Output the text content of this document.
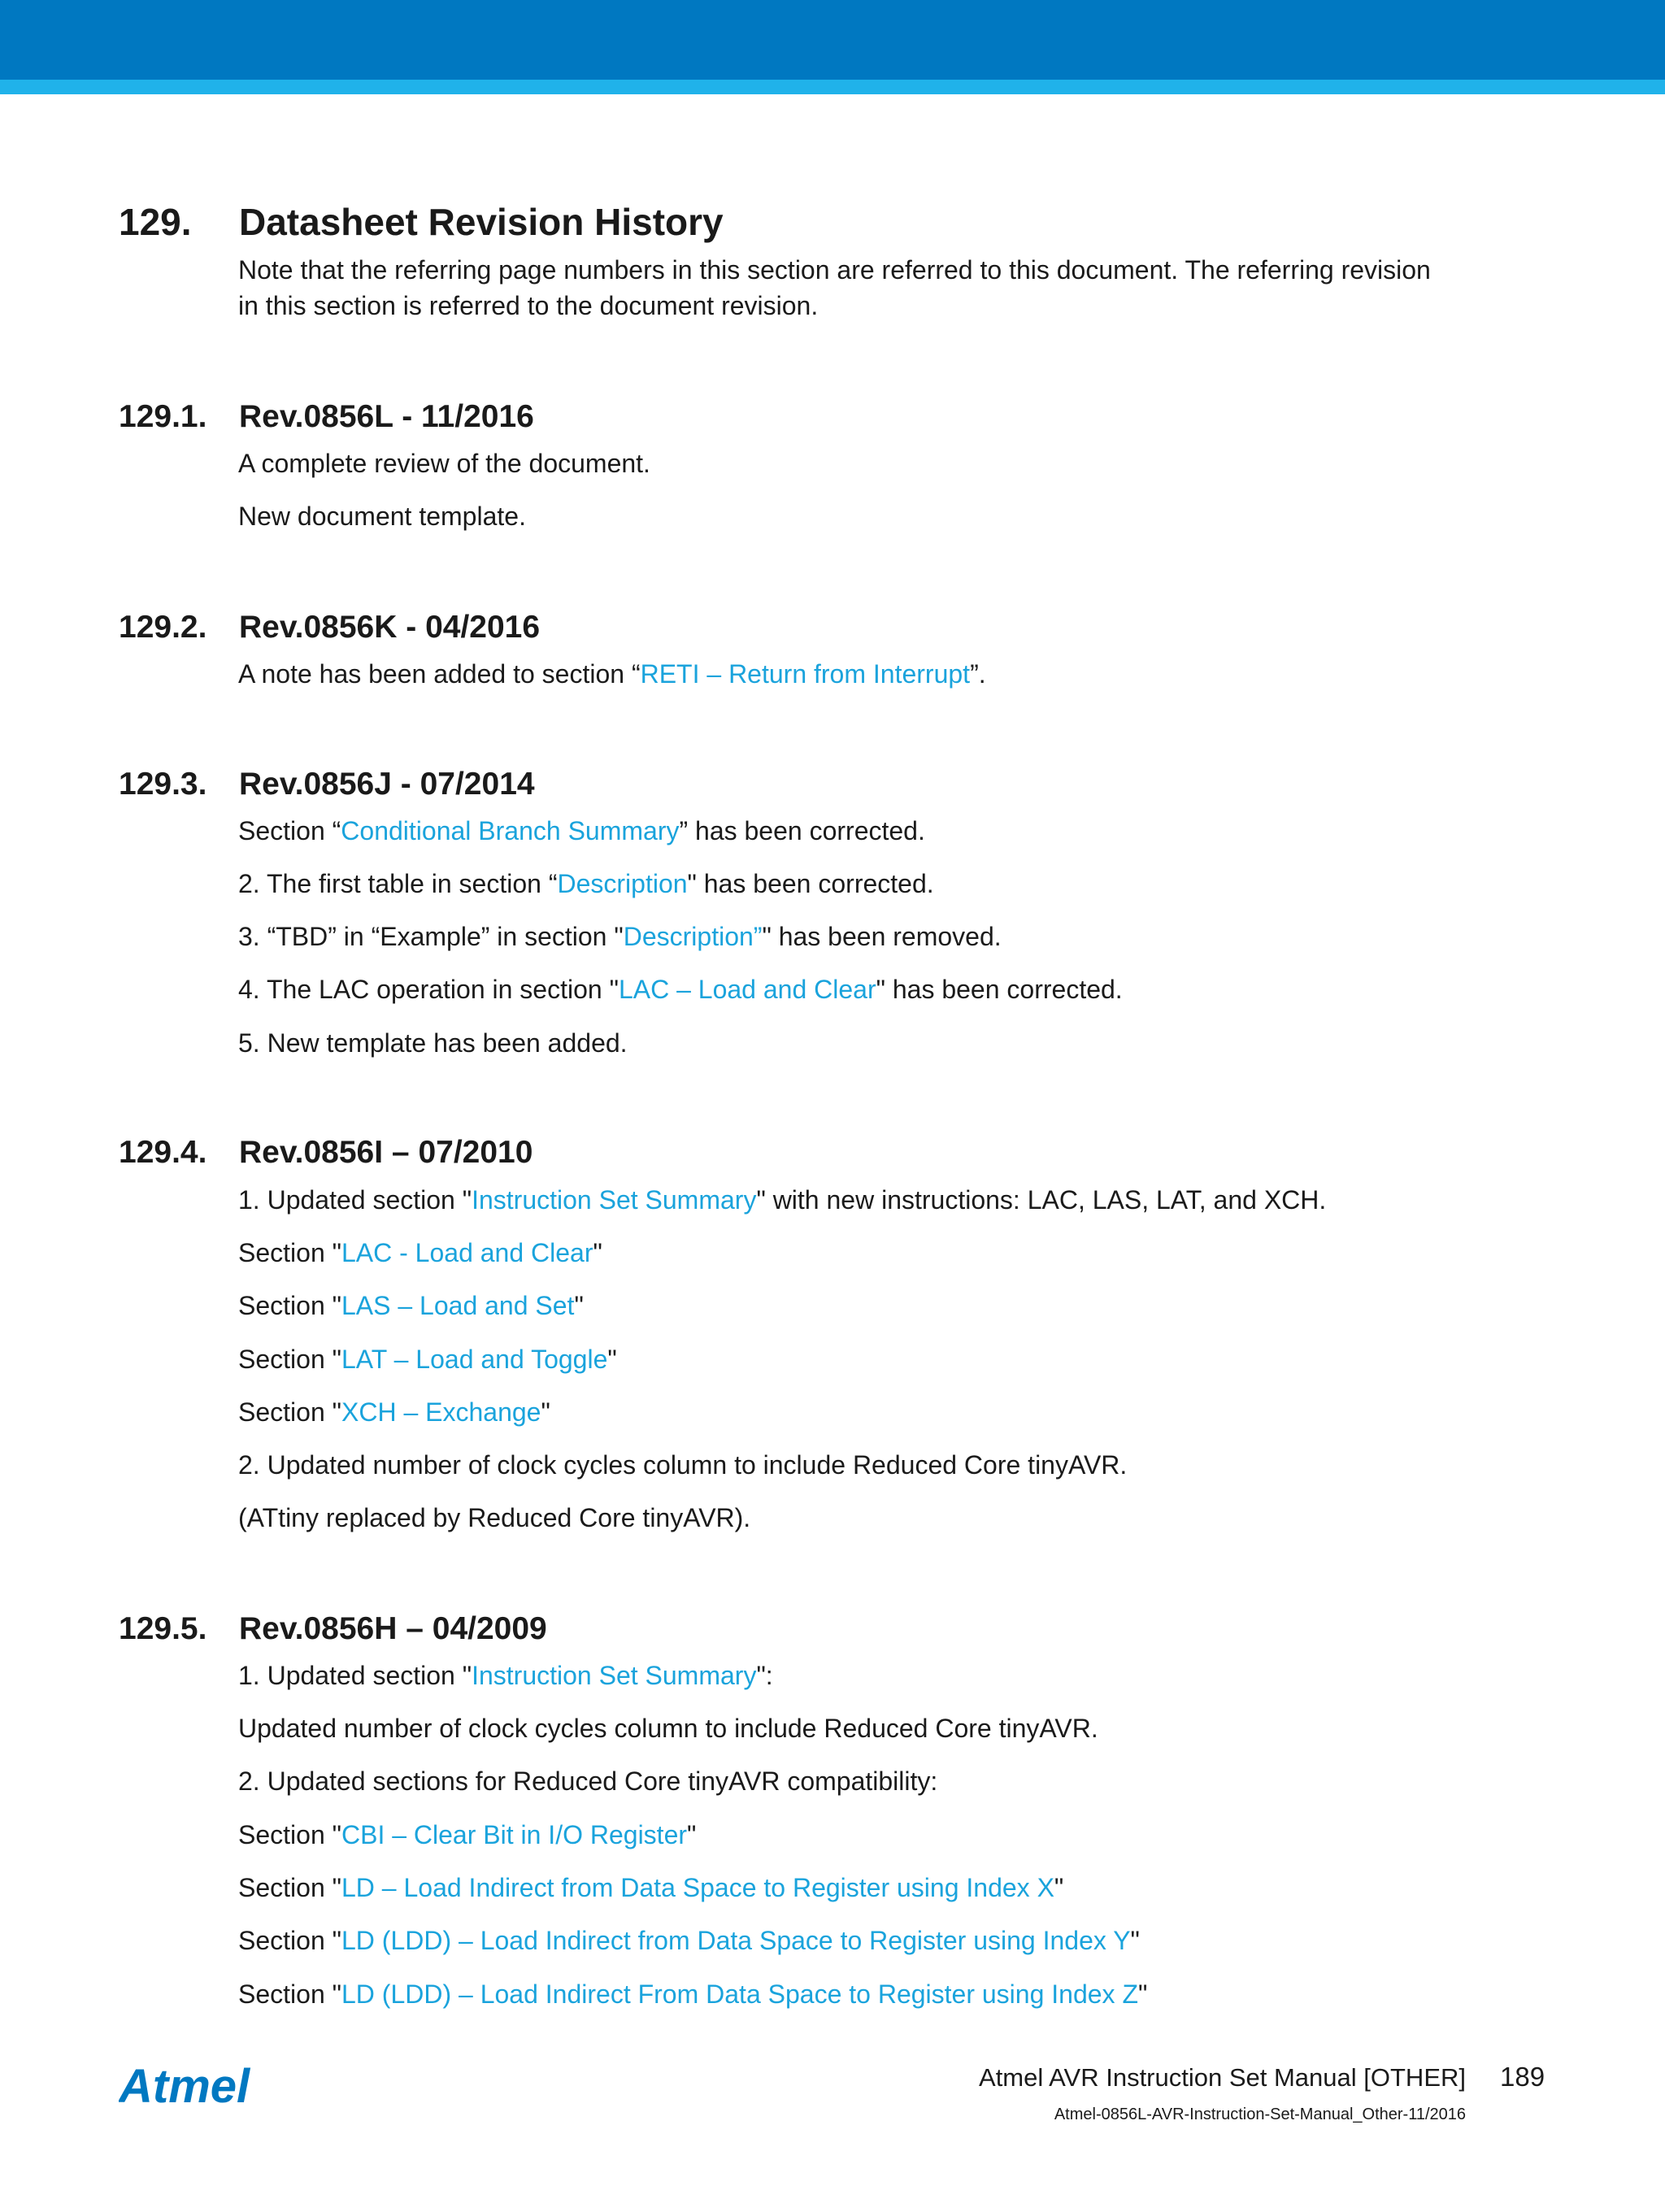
129. Datasheet Revision History
Note that the referring page numbers in this section are referred to this document. The referring revision
in this section is referred to the document revision.
129.1. Rev.0856L - 11/2016
A complete review of the document.
New document template.
129.2. Rev.0856K - 04/2016
A note has been added to section “RETI – Return from Interrupt”.
129.3. Rev.0856J - 07/2014
Section “Conditional Branch Summary” has been corrected.
2. The first table in section “Description" has been corrected.
3. “TBD” in “Example” in section "Description”" has been removed.
4. The LAC operation in section "LAC – Load and Clear" has been corrected.
5. New template has been added.
129.4. Rev.0856I – 07/2010
1. Updated section "Instruction Set Summary" with new instructions: LAC, LAS, LAT, and XCH.
Section "LAC - Load and Clear"
Section "LAS – Load and Set"
Section "LAT – Load and Toggle"
Section "XCH – Exchange"
2. Updated number of clock cycles column to include Reduced Core tinyAVR.
(ATtiny replaced by Reduced Core tinyAVR).
129.5. Rev.0856H – 04/2009
1. Updated section "Instruction Set Summary":
Updated number of clock cycles column to include Reduced Core tinyAVR.
2. Updated sections for Reduced Core tinyAVR compatibility:
Section "CBI – Clear Bit in I/O Register"
Section "LD – Load Indirect from Data Space to Register using Index X"
Section "LD (LDD) – Load Indirect from Data Space to Register using Index Y"
Section "LD (LDD) – Load Indirect From Data Space to Register using Index Z"
Atmel	Atmel AVR Instruction Set Manual [OTHER] 189
Atmel-0856L-AVR-Instruction-Set-Manual_Other-11/2016
